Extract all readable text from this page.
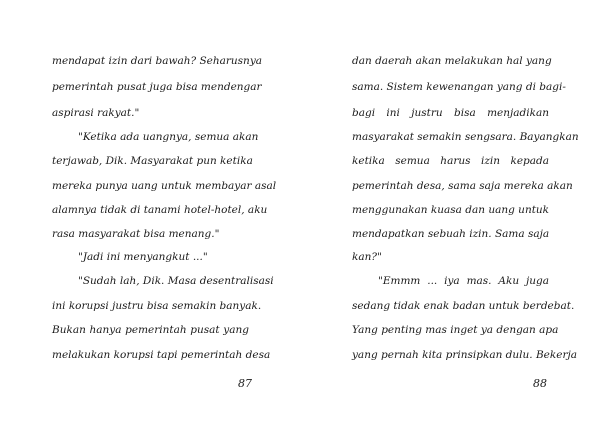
mendapat izin dari bawah? Seharusnya
pemerintah pusat juga bisa mendengar
aspirasi rakyat."
"Ketika ada uangnya, semua akan
terjawab, Dik. Masyarakat pun ketika
mereka punya uang untuk membayar asal
alamnya tidak di tanami hotel-hotel, aku
rasa masyarakat bisa menang."
"Jadi ini menyangkut ..."
"Sudah lah, Dik. Masa desentralisasi
ini korupsi justru bisa semakin banyak.
Bukan hanya pemerintah pusat yang
melakukan korupsi tapi pemerintah desa
87
dan daerah akan melakukan hal yang
sama. Sistem kewenangan yang di bagi-
bagi ini justru bisa menjadikan
masyarakat semakin sengsara. Bayangkan
ketika semua harus izin kepada
pemerintah desa, sama saja mereka akan
menggunakan kuasa dan uang untuk
mendapatkan sebuah izin. Sama saja
kan?"
"Emmm ... iya mas. Aku juga
sedang tidak enak badan untuk berdebat.
Yang penting mas inget ya dengan apa
yang pernah kita prinsipkan dulu. Bekerja
88
